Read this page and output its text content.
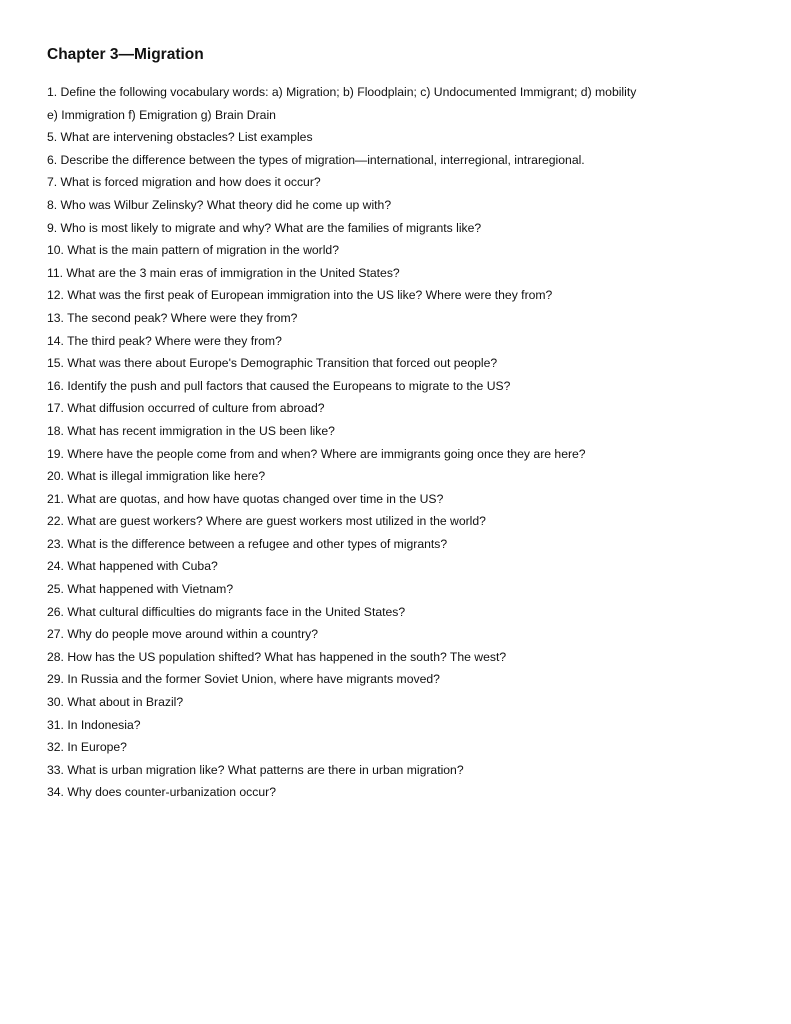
Chapter 3—Migration
1. Define the following vocabulary words: a) Migration; b) Floodplain; c) Undocumented Immigrant; d) mobility
e) Immigration f) Emigration g) Brain Drain
5. What are intervening obstacles? List examples
6. Describe the difference between the types of migration—international, interregional, intraregional.
7. What is forced migration and how does it occur?
8. Who was Wilbur Zelinsky? What theory did he come up with?
9. Who is most likely to migrate and why? What are the families of migrants like?
10. What is the main pattern of migration in the world?
11. What are the 3 main eras of immigration in the United States?
12. What was the first peak of European immigration into the US like? Where were they from?
13. The second peak? Where were they from?
14. The third peak? Where were they from?
15. What was there about Europe's Demographic Transition that forced out people?
16. Identify the push and pull factors that caused the Europeans to migrate to the US?
17. What diffusion occurred of culture from abroad?
18. What has recent immigration in the US been like?
19. Where have the people come from and when? Where are immigrants going once they are here?
20. What is illegal immigration like here?
21. What are quotas, and how have quotas changed over time in the US?
22. What are guest workers? Where are guest workers most utilized in the world?
23. What is the difference between a refugee and other types of migrants?
24. What happened with Cuba?
25. What happened with Vietnam?
26. What cultural difficulties do migrants face in the United States?
27. Why do people move around within a country?
28. How has the US population shifted? What has happened in the south? The west?
29. In Russia and the former Soviet Union, where have migrants moved?
30. What about in Brazil?
31. In Indonesia?
32. In Europe?
33. What is urban migration like? What patterns are there in urban migration?
34. Why does counter-urbanization occur?
